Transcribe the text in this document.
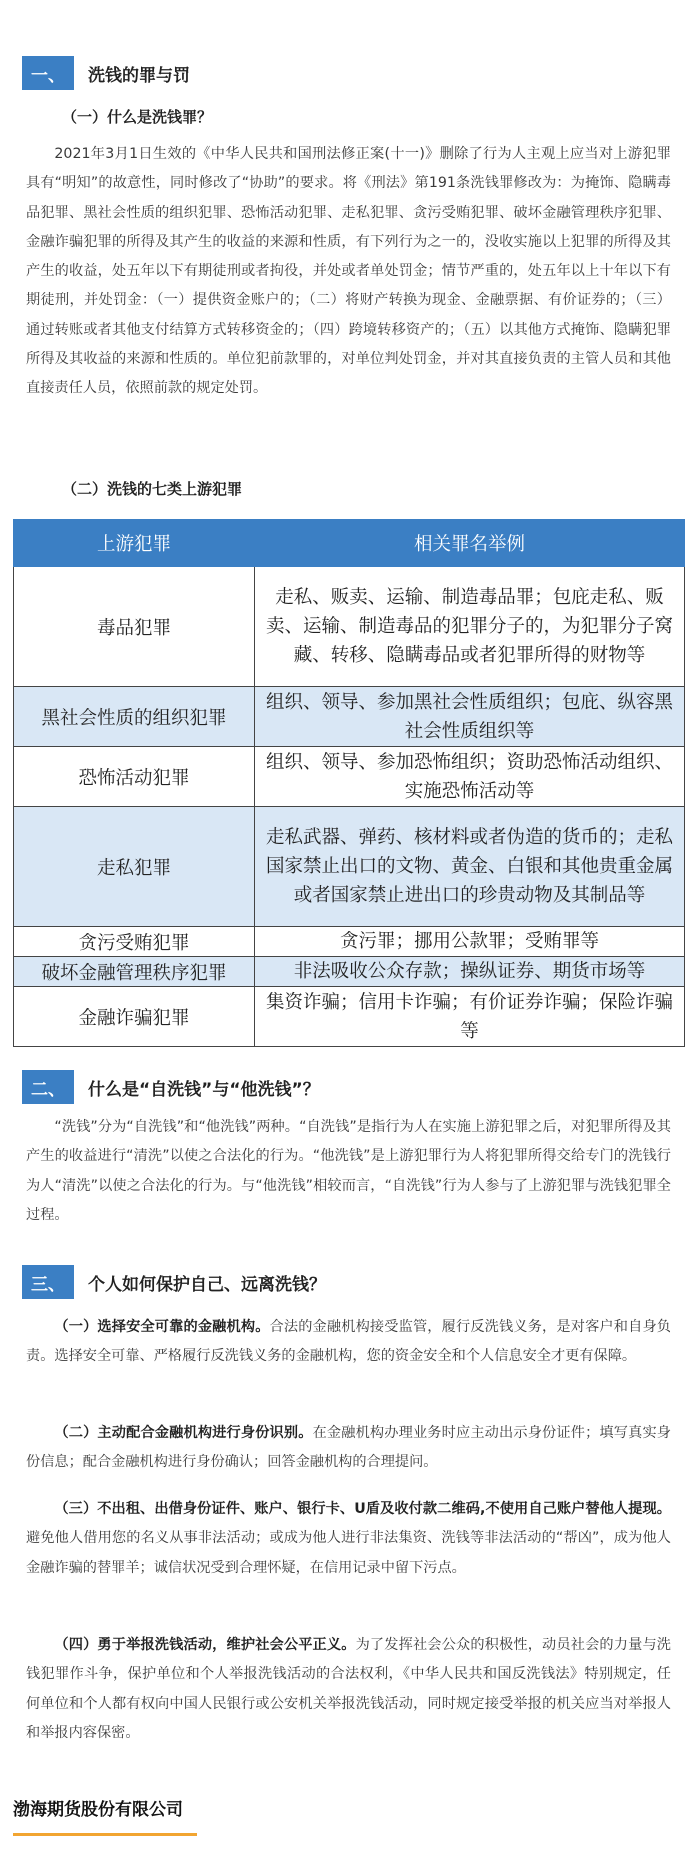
一、	洗钱的罪与罚
（一）什么是洗钱罪？

2021年3月1日生效的《中华人民共和国刑法修正案(十一)》删除了行为人主观上应当对上游犯罪具有“明知”的故意性，同时修改了“协助”的要求。将《刑法》第191条洗钱罪修改为：为掩饰、隐瞒毒品犯罪、黑社会性质的组织犯罪、恐怖活动犯罪、走私犯罪、贪污受贿犯罪、破坏金融管理秩序犯罪、金融诈骗犯罪的所得及其产生的收益的来源和性质，有下列行为之一的，没收实施以上犯罪的所得及其产生的收益，处五年以下有期徒刑或者拘役，并处或者单处罚金；情节严重的，处五年以上十年以下有期徒刑，并处罚金：（一）提供资金账户的；（二）将财产转换为现金、金融票据、有价证券的；（三）通过转账或者其他支付结算方式转移资金的；（四）跨境转移资产的；（五）以其他方式掩饰、隐瞒犯罪所得及其收益的来源和性质的。单位犯前款罪的，对单位判处罚金，并对其直接负责的主管人员和其他直接责任人员，依照前款的规定处罚。

（二）洗钱的七类上游犯罪
上游犯罪	相关罪名举例
毒品犯罪	走私、贩卖、运输、制造毒品罪；包庇走私、贩卖、运输、制造毒品的犯罪分子的，为犯罪分子窝藏、转移、隐瞒毒品或者犯罪所得的财物等
黑社会性质的组织犯罪	组织、领导、参加黑社会性质组织；包庇、纵容黑社会性质组织等
恐怖活动犯罪	组织、领导、参加恐怖组织；资助恐怖活动组织、实施恐怖活动等
走私犯罪	走私武器、弹药、核材料或者伪造的货币的；走私国家禁止出口的文物、黄金、白银和其他贵重金属或者国家禁止进出口的珍贵动物及其制品等
贪污受贿犯罪	贪污罪；挪用公款罪；受贿罪等
破坏金融管理秩序犯罪	非法吸收公众存款；操纵证券、期货市场等
金融诈骗犯罪	集资诈骗；信用卡诈骗；有价证券诈骗；保险诈骗等
二、	什么是“自洗钱”与“他洗钱”？

“洗钱”分为“自洗钱”和“他洗钱”两种。“自洗钱”是指行为人在实施上游犯罪之后，对犯罪所得及其产生的收益进行“清洗”以使之合法化的行为。“他洗钱”是上游犯罪行为人将犯罪所得交给专门的洗钱行为人“清洗”以使之合法化的行为。与“他洗钱”相较而言，“自洗钱”行为人参与了上游犯罪与洗钱犯罪全过程。

三、	个人如何保护自己、远离洗钱？

（一）选择安全可靠的金融机构。合法的金融机构接受监管，履行反洗钱义务，是对客户和自身负责。选择安全可靠、严格履行反洗钱义务的金融机构，您的资金安全和个人信息安全才更有保障。

（二）主动配合金融机构进行身份识别。在金融机构办理业务时应主动出示身份证件；填写真实身份信息；配合金融机构进行身份确认；回答金融机构的合理提问。

（三）不出租、出借身份证件、账户、银行卡、U盾及收付款二维码,不使用自己账户替他人提现。避免他人借用您的名义从事非法活动；或成为他人进行非法集资、洗钱等非法活动的“帮凶”，成为他人金融诈骗的替罪羊；诚信状况受到合理怀疑，在信用记录中留下污点。

（四）勇于举报洗钱活动，维护社会公平正义。为了发挥社会公众的积极性，动员社会的力量与洗钱犯罪作斗争，保护单位和个人举报洗钱活动的合法权利，《中华人民共和国反洗钱法》特别规定，任何单位和个人都有权向中国人民银行或公安机关举报洗钱活动，同时规定接受举报的机关应当对举报人和举报内容保密。

渤海期货股份有限公司
